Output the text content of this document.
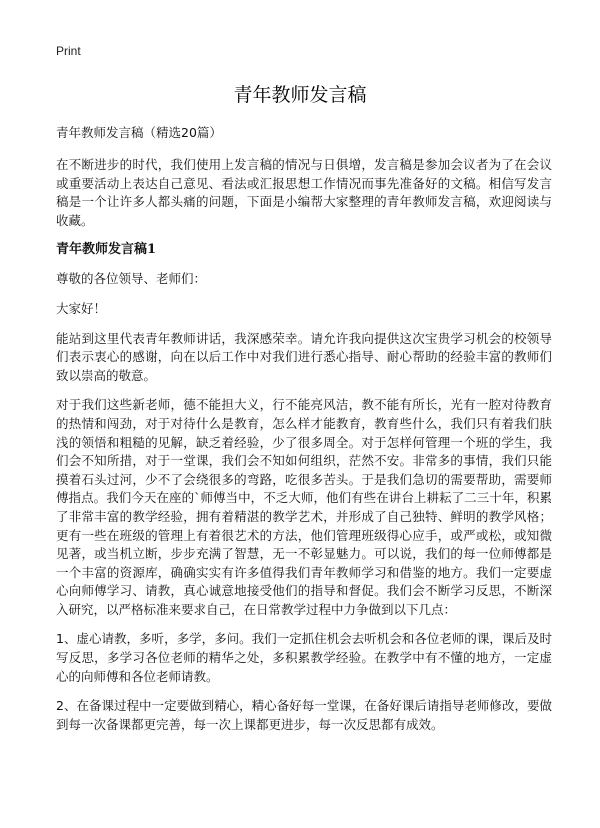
Print
青年教师发言稿

青年教师发言稿（精选20篇）

在不断进步的时代，我们使用上发言稿的情况与日俱增，发言稿是参加会议者为了在会议或重要活动上表达自己意见、看法或汇报思想工作情况而事先准备好的文稿。相信写发言稿是一个让许多人都头痛的问题，下面是小编帮大家整理的青年教师发言稿，欢迎阅读与收藏。

青年教师发言稿1

尊敬的各位领导、老师们：

大家好！

能站到这里代表青年教师讲话，我深感荣幸。请允许我向提供这次宝贵学习机会的校领导们表示衷心的感谢，向在以后工作中对我们进行悉心指导、耐心帮助的经验丰富的教师们致以崇高的敬意。

对于我们这些新老师，德不能担大义，行不能亮风洁，教不能有所长，光有一腔对待教育的热情和闯劲，对于对待什么是教育，怎么样才能教育，教育些什么，我们只有着我们肤浅的领悟和粗糙的见解，缺乏着经验，少了很多周全。对于怎样何管理一个班的学生，我们会不知所措，对于一堂课，我们会不知如何组织，茫然不安。非常多的事情，我们只能摸着石头过河，少不了会绕很多的弯路，吃很多苦头。于是我们急切的需要帮助，需要师傅指点。我们今天在座的`师傅当中，不乏大师，他们有些在讲台上耕耘了二三十年，积累了非常丰富的教学经验，拥有着精湛的教学艺术，并形成了自己独特、鲜明的教学风格；更有一些在班级的管理上有着很艺术的方法，他们管理班级得心应手，或严或松，或知微见著，或当机立断，步步充满了智慧，无一不彰显魅力。可以说，我们的每一位师傅都是一个丰富的资源库，确确实实有许多值得我们青年教师学习和借鉴的地方。我们一定要虚心向师傅学习、请教，真心诚意地接受他们的指导和督促。我们会不断学习反思，不断深入研究，以严格标准来要求自己，在日常教学过程中力争做到以下几点：

1、虚心请教，多听，多学，多问。我们一定抓住机会去听机会和各位老师的课，课后及时写反思，多学习各位老师的精华之处，多积累教学经验。在教学中有不懂的地方，一定虚心的向师傅和各位老师请教。

2、在备课过程中一定要做到精心，精心备好每一堂课，在备好课后请指导老师修改，要做到每一次备课都更完善，每一次上课都更进步，每一次反思都有成效。
